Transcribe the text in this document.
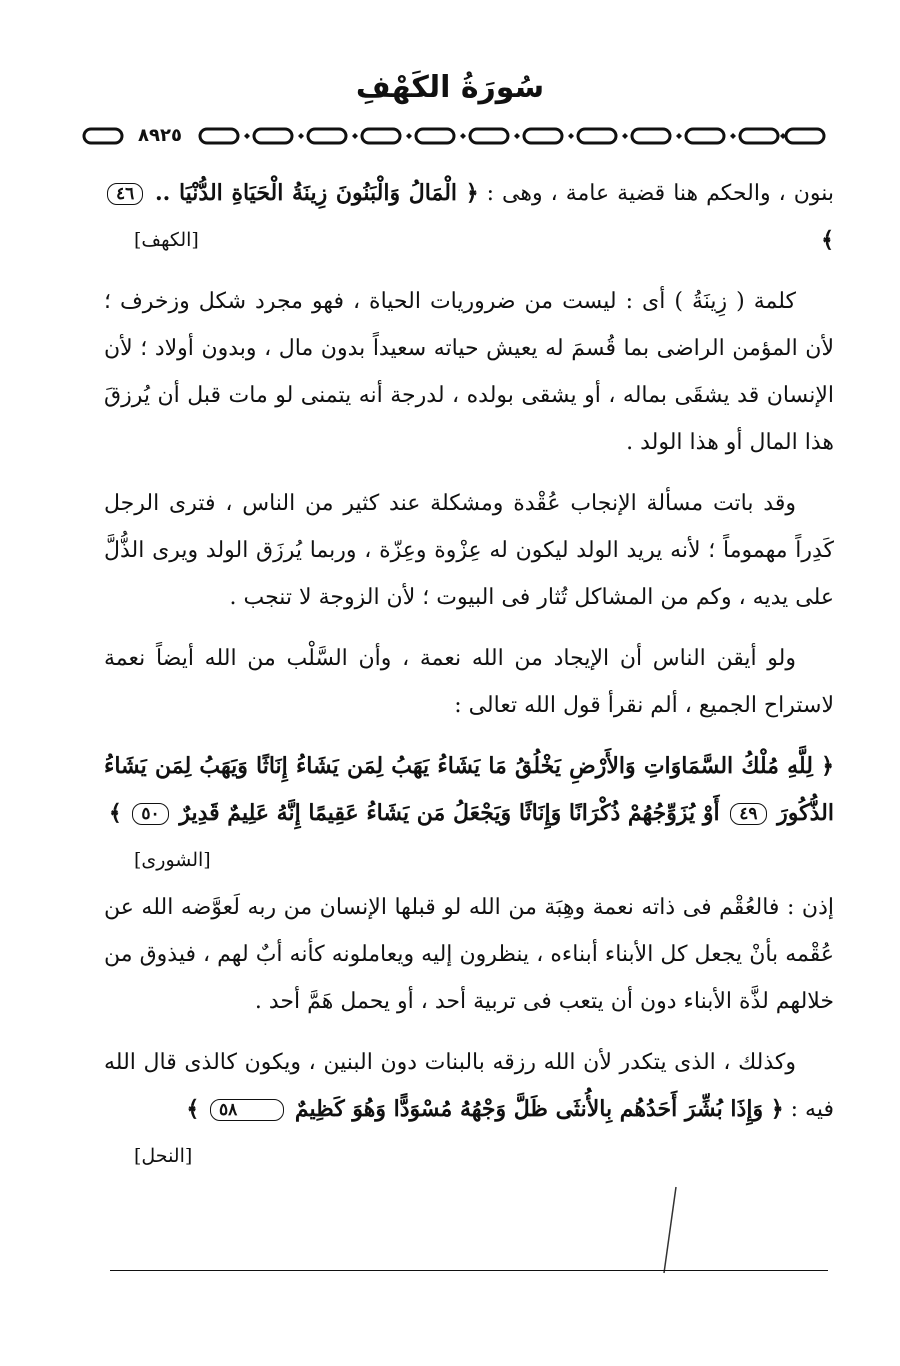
سُورَةُ الكَهْفِ
٨٩٢٥

بنون ، والحكم هنا قضية عامة ، وهى : ﴿ الْمَالُ وَالْبَنُونَ زِينَةُ الْحَيَاةِ الدُّنْيَا .. ٤٦ ﴾
[الكهف]

كلمة ( زِينَةُ ) أى : ليست من ضروريات الحياة ، فهو مجرد شكل وزخرف ؛ لأن المؤمن الراضى بما قُسمَ له يعيش حياته سعيداً بدون مال ، وبدون أولاد ؛ لأن الإنسان قد يشقَى بماله ، أو يشقى بولده ، لدرجة أنه يتمنى لو مات قبل أن يُرزقَ هذا المال أو هذا الولد .

وقد باتت مسألة الإنجاب عُقْدة ومشكلة عند كثير من الناس ، فترى الرجل كَدِراً مهموماً ؛ لأنه يريد الولد ليكون له عِزْوة وعِزّة ، وربما يُرزَق الولد ويرى الذُّلَّ على يديه ، وكم من المشاكل تُثار فى البيوت ؛ لأن الزوجة لا تنجب .

ولو أيقن الناس أن الإيجاد من الله نعمة ، وأن السَّلْب من الله أيضاً نعمة لاستراح الجميع ، ألم نقرأ قول الله تعالى :

﴿ لِلَّهِ مُلْكُ السَّمَاوَاتِ وَالأَرْضِ يَخْلُقُ مَا يَشَاءُ يَهَبُ لِمَن يَشَاءُ إِنَاثًا وَيَهَبُ لِمَن يَشَاءُ الذُّكُورَ ٤٩ أَوْ يُزَوِّجُهُمْ ذُكْرَانًا وَإِنَاثًا وَيَجْعَلُ مَن يَشَاءُ عَقِيمًا إِنَّهُ عَلِيمٌ قَدِيرٌ ٥٠ ﴾
[الشورى]

إذن : فالعُقْم فى ذاته نعمة وهِبَة من الله لو قبلها الإنسان من ربه لَعوَّضه الله عن عُقْمه بأنْ يجعل كل الأبناء أبناءه ، ينظرون إليه ويعاملونه كأنه أبٌ لهم ، فيذوق من خلالهم لذَّة الأبناء دون أن يتعب فى تربية أحد ، أو يحمل هَمَّ أحد .

وكذلك ، الذى يتكدر لأن الله رزقه بالبنات دون البنين ، ويكون كالذى قال الله فيه : ﴿ وَإِذَا بُشِّرَ أَحَدُهُم بِالأُنثَى ظَلَّ وَجْهُهُ مُسْوَدًّا وَهُوَ كَظِيمٌ ٥٨ ﴾
[النحل]
